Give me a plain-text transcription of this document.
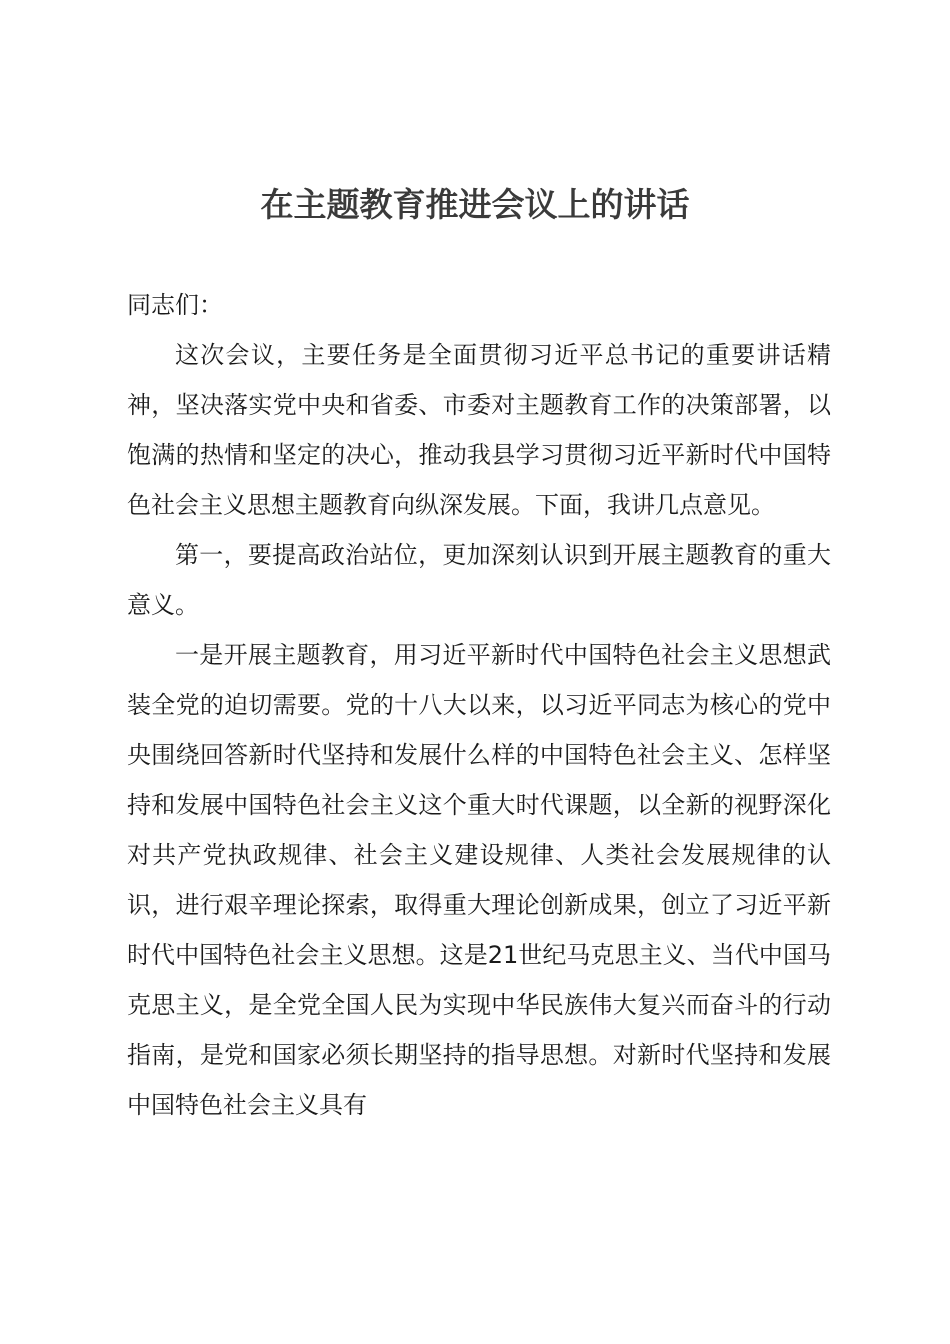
在主题教育推进会议上的讲话

同志们：

这次会议，主要任务是全面贯彻习近平总书记的重要讲话精神，坚决落实党中央和省委、市委对主题教育工作的决策部署，以饱满的热情和坚定的决心，推动我县学习贯彻习近平新时代中国特色社会主义思想主题教育向纵深发展。下面，我讲几点意见。

第一，要提高政治站位，更加深刻认识到开展主题教育的重大意义。

一是开展主题教育，用习近平新时代中国特色社会主义思想武装全党的迫切需要。党的十八大以来，以习近平同志为核心的党中央围绕回答新时代坚持和发展什么样的中国特色社会主义、怎样坚持和发展中国特色社会主义这个重大时代课题，以全新的视野深化对共产党执政规律、社会主义建设规律、人类社会发展规律的认识，进行艰辛理论探索，取得重大理论创新成果，创立了习近平新时代中国特色社会主义思想。这是21世纪马克思主义、当代中国马克思主义，是全党全国人民为实现中华民族伟大复兴而奋斗的行动指南，是党和国家必须长期坚持的指导思想。对新时代坚持和发展中国特色社会主义具有
